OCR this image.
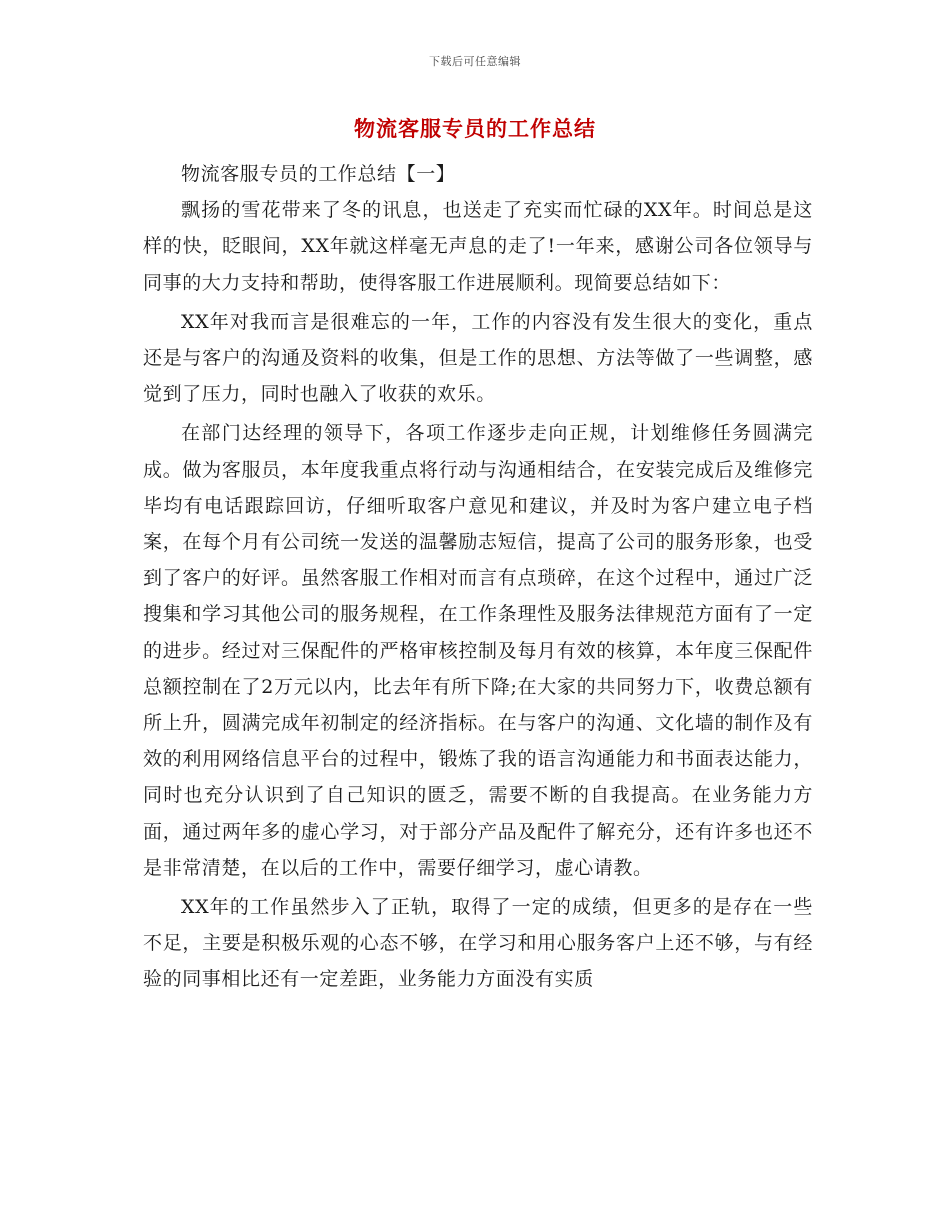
下载后可任意编辑
物流客服专员的工作总结

物流客服专员的工作总结【一】

飘扬的雪花带来了冬的讯息，也送走了充实而忙碌的XX年。时间总是这样的快，眨眼间，XX年就这样毫无声息的走了!一年来，感谢公司各位领导与同事的大力支持和帮助，使得客服工作进展顺利。现简要总结如下：

XX年对我而言是很难忘的一年，工作的内容没有发生很大的变化，重点还是与客户的沟通及资料的收集，但是工作的思想、方法等做了一些调整，感觉到了压力，同时也融入了收获的欢乐。

在部门达经理的领导下，各项工作逐步走向正规，计划维修任务圆满完成。做为客服员，本年度我重点将行动与沟通相结合，在安装完成后及维修完毕均有电话跟踪回访，仔细听取客户意见和建议，并及时为客户建立电子档案，在每个月有公司统一发送的温馨励志短信，提高了公司的服务形象，也受到了客户的好评。虽然客服工作相对而言有点琐碎，在这个过程中，通过广泛搜集和学习其他公司的服务规程，在工作条理性及服务法律规范方面有了一定的进步。经过对三保配件的严格审核控制及每月有效的核算，本年度三保配件总额控制在了2万元以内，比去年有所下降;在大家的共同努力下，收费总额有所上升，圆满完成年初制定的经济指标。在与客户的沟通、文化墙的制作及有效的利用网络信息平台的过程中，锻炼了我的语言沟通能力和书面表达能力，同时也充分认识到了自己知识的匮乏，需要不断的自我提高。在业务能力方面，通过两年多的虚心学习，对于部分产品及配件了解充分，还有许多也还不是非常清楚，在以后的工作中，需要仔细学习，虚心请教。

XX年的工作虽然步入了正轨，取得了一定的成绩，但更多的是存在一些不足，主要是积极乐观的心态不够，在学习和用心服务客户上还不够，与有经验的同事相比还有一定差距，业务能力方面没有实质
